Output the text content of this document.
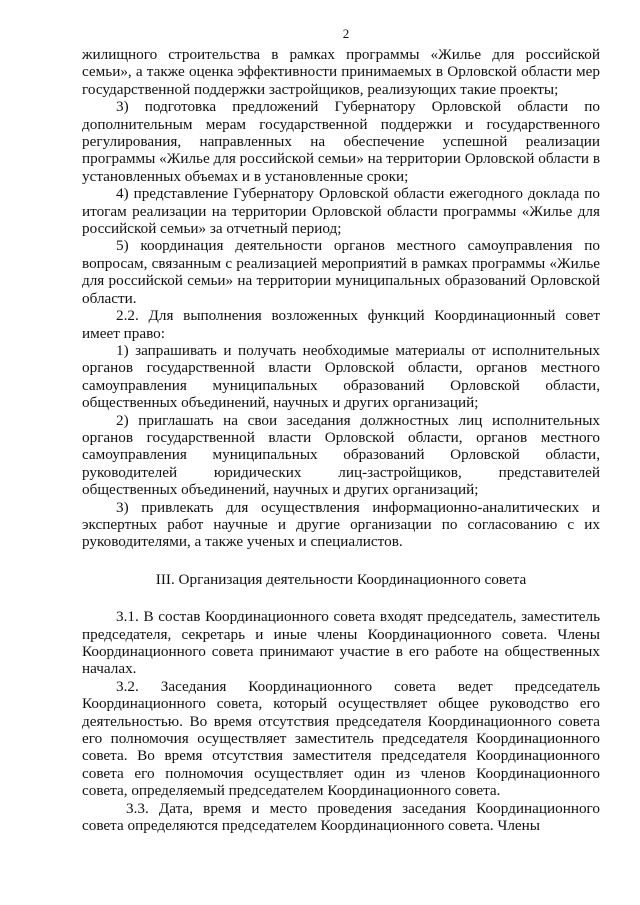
2

жилищного строительства в рамках программы «Жилье для российской семьи», а также оценка эффективности принимаемых в Орловской области мер государственной поддержки застройщиков, реализующих такие проекты;

3) подготовка предложений Губернатору Орловской области по дополнительным мерам государственной поддержки и государственного регулирования, направленных на обеспечение успешной реализации программы «Жилье для российской семьи» на территории Орловской области в установленных объемах и в установленные сроки;

4) представление Губернатору Орловской области ежегодного доклада по итогам реализации на территории Орловской области программы «Жилье для российской семьи» за отчетный период;

5) координация деятельности органов местного самоуправления по вопросам, связанным с реализацией мероприятий в рамках программы «Жилье для российской семьи» на территории муниципальных образований Орловской области.

2.2. Для выполнения возложенных функций Координационный совет имеет право:

1) запрашивать и получать необходимые материалы от исполнительных органов государственной власти Орловской области, органов местного самоуправления муниципальных образований Орловской области, общественных объединений, научных и других организаций;

2) приглашать на свои заседания должностных лиц исполнительных органов государственной власти Орловской области, органов местного самоуправления муниципальных образований Орловской области, руководителей юридических лиц-застройщиков, представителей общественных объединений, научных и других организаций;

3) привлекать для осуществления информационно-аналитических и экспертных работ научные и другие организации по согласованию с их руководителями, а также ученых и специалистов.

III. Организация деятельности Координационного совета

3.1. В состав Координационного совета входят председатель, заместитель председателя, секретарь и иные члены Координационного совета. Члены Координационного совета принимают участие в его работе на общественных началах.

3.2. Заседания Координационного совета ведет председатель Координационного совета, который осуществляет общее руководство его деятельностью. Во время отсутствия председателя Координационного совета его полномочия осуществляет заместитель председателя Координационного совета. Во время отсутствия заместителя председателя Координационного совета его полномочия осуществляет один из членов Координационного совета, определяемый председателем Координационного совета.

3.3. Дата, время и место проведения заседания Координационного совета определяются председателем Координационного совета. Члены
